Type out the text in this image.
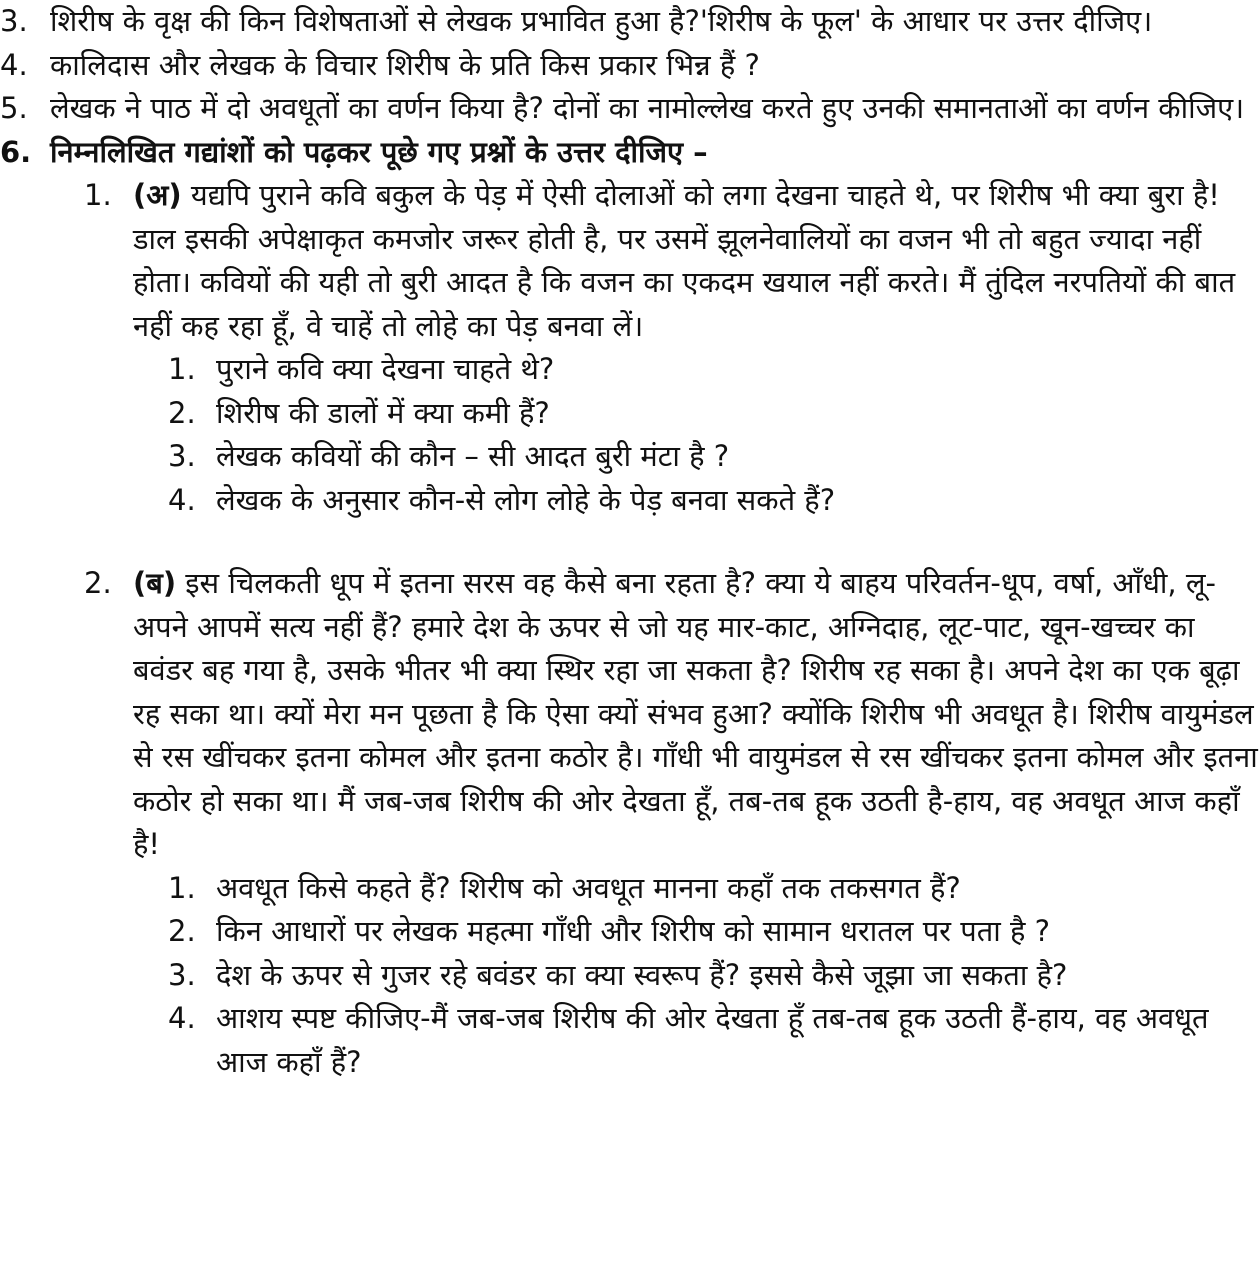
3. शिरीष के वृक्ष की किन विशेषताओं से लेखक प्रभावित हुआ है?'शिरीष के फूल' के आधार पर उत्तर दीजिए।
4. कालिदास और लेखक के विचार शिरीष के प्रति किस प्रकार भिन्न हैं ?
5. लेखक ने पाठ में दो अवधूतों का वर्णन किया है? दोनों का नामोल्लेख करते हुए उनकी समानताओं का वर्णन कीजिए।
6. निम्नलिखित गद्यांशों को पढ़कर पूछे गए प्रश्नों के उत्तर दीजिए –
1. (अ) यद्यपि पुराने कवि बकुल के पेड़ में ऐसी दोलाओं को लगा देखना चाहते थे, पर शिरीष भी क्या बुरा है! डाल इसकी अपेक्षाकृत कमजोर जरूर होती है, पर उसमें झूलनेवालियों का वजन भी तो बहुत ज्यादा नहीं होता। कवियों की यही तो बुरी आदत है कि वजन का एकदम खयाल नहीं करते। मैं तुंदिल नरपतियों की बात नहीं कह रहा हूँ, वे चाहें तो लोहे का पेड़ बनवा लें।
1. पुराने कवि क्या देखना चाहते थे?
2. शिरीष की डालों में क्या कमी हैं?
3. लेखक कवियों की कौन – सी आदत बुरी मंटा है ?
4. लेखक के अनुसार कौन-से लोग लोहे के पेड़ बनवा सकते हैं?
2. (ब) इस चिलकती धूप में इतना सरस वह कैसे बना रहता है? क्या ये बाहय परिवर्तन-धूप, वर्षा, आँधी, लू-अपने आपमें सत्य नहीं हैं? हमारे देश के ऊपर से जो यह मार-काट, अग्निदाह, लूट-पाट, खून-खच्चर का बवंडर बह गया है, उसके भीतर भी क्या स्थिर रहा जा सकता है? शिरीष रह सका है। अपने देश का एक बूढ़ा रह सका था। क्यों मेरा मन पूछता है कि ऐसा क्यों संभव हुआ? क्योंकि शिरीष भी अवधूत है। शिरीष वायुमंडल से रस खींचकर इतना कोमल और इतना कठोर है। गाँधी भी वायुमंडल से रस खींचकर इतना कोमल और इतना कठोर हो सका था। मैं जब-जब शिरीष की ओर देखता हूँ, तब-तब हूक उठती है-हाय, वह अवधूत आज कहाँ है!
1. अवधूत किसे कहते हैं? शिरीष को अवधूत मानना कहाँ तक तकसगत हैं?
2. किन आधारों पर लेखक महत्मा गाँधी और शिरीष को सामान धरातल पर पता है ?
3. देश के ऊपर से गुजर रहे बवंडर का क्या स्वरूप हैं? इससे कैसे जूझा जा सकता है?
4. आशय स्पष्ट कीजिए-मैं जब-जब शिरीष की ओर देखता हूँ तब-तब हूक उठती हैं-हाय, वह अवधूत आज कहाँ हैं?
